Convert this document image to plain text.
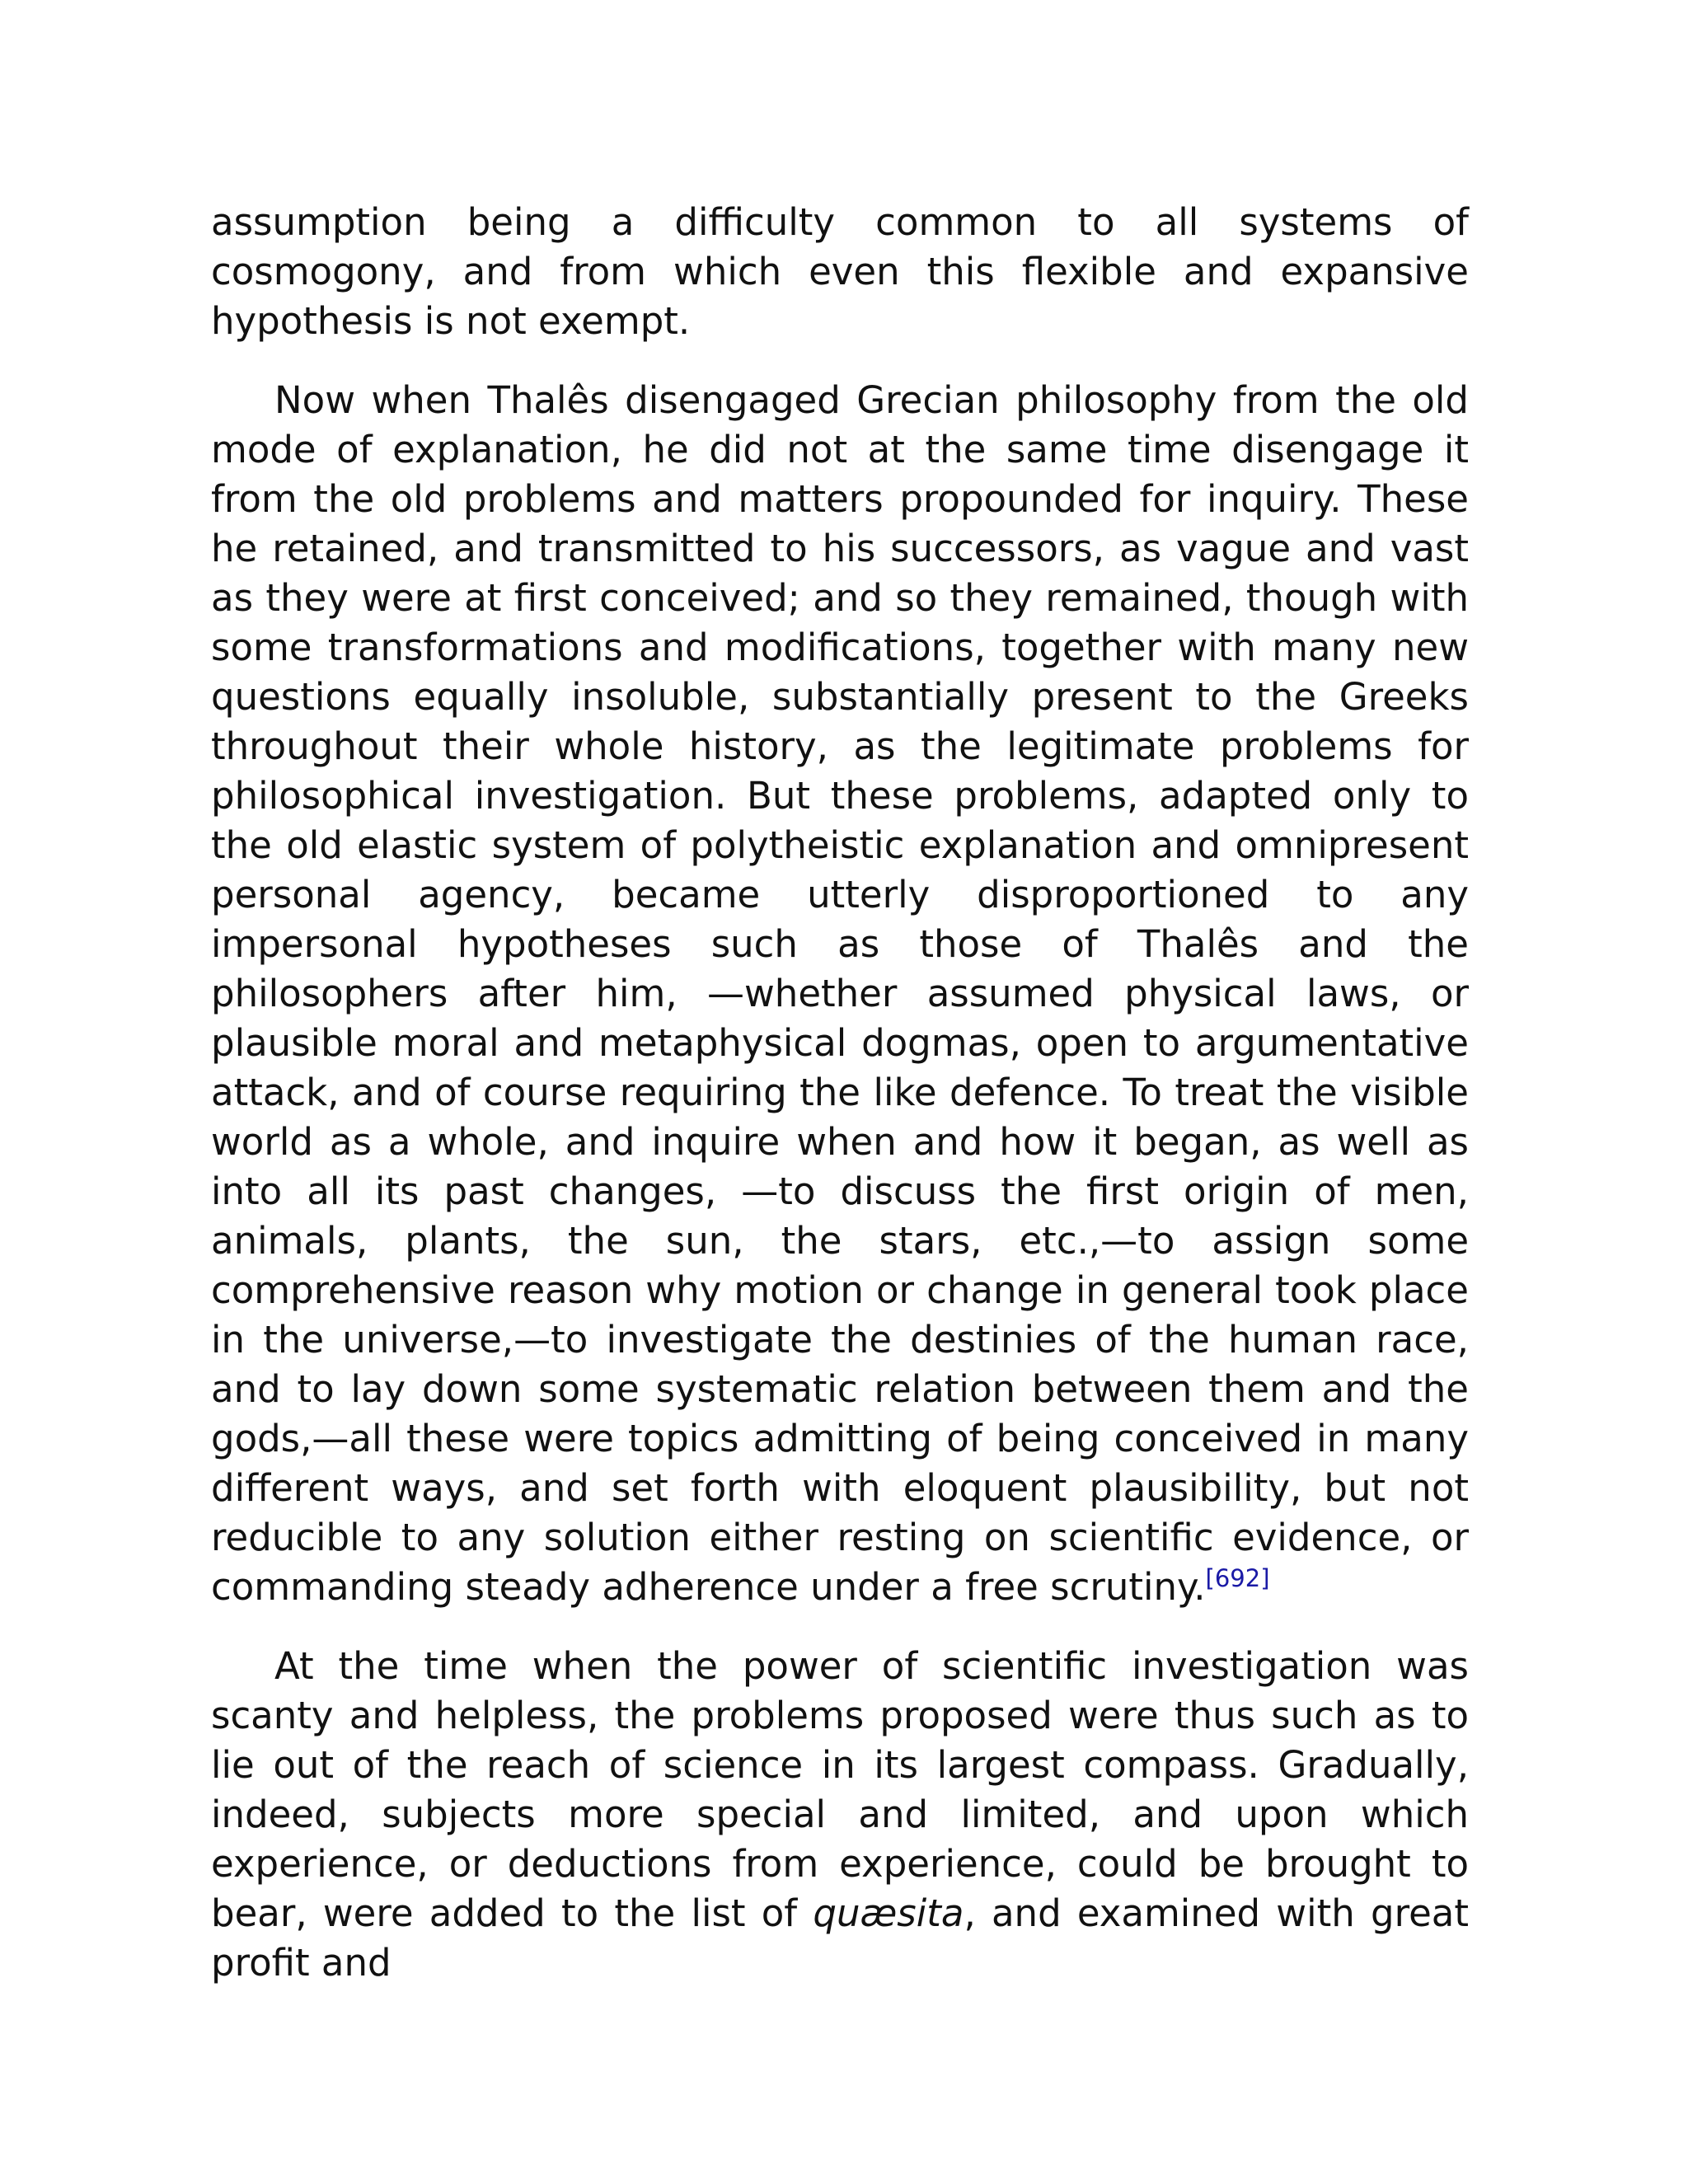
assumption being a difficulty common to all systems of cosmogony, and from which even this flexible and expansive hypothesis is not exempt.

Now when Thalês disengaged Grecian philosophy from the old mode of explanation, he did not at the same time disengage it from the old problems and matters propounded for inquiry. These he retained, and transmitted to his successors, as vague and vast as they were at first conceived; and so they remained, though with some transformations and modifications, together with many new questions equally insoluble, substantially present to the Greeks throughout their whole history, as the legitimate problems for philosophical investigation. But these problems, adapted only to the old elastic system of polytheistic explanation and omnipresent personal agency, became utterly disproportioned to any impersonal hypotheses such as those of Thalês and the philosophers after him, —whether assumed physical laws, or plausible moral and metaphysical dogmas, open to argumentative attack, and of course requiring the like defence. To treat the visible world as a whole, and inquire when and how it began, as well as into all its past changes, —to discuss the first origin of men, animals, plants, the sun, the stars, etc.,—to assign some comprehensive reason why motion or change in general took place in the universe,—to investigate the destinies of the human race, and to lay down some systematic relation between them and the gods,—all these were topics admitting of being conceived in many different ways, and set forth with eloquent plausibility, but not reducible to any solution either resting on scientific evidence, or commanding steady adherence under a free scrutiny.[692]

At the time when the power of scientific investigation was scanty and helpless, the problems proposed were thus such as to lie out of the reach of science in its largest compass. Gradually, indeed, subjects more special and limited, and upon which experience, or deductions from experience, could be brought to bear, were added to the list of quæsita, and examined with great profit and
